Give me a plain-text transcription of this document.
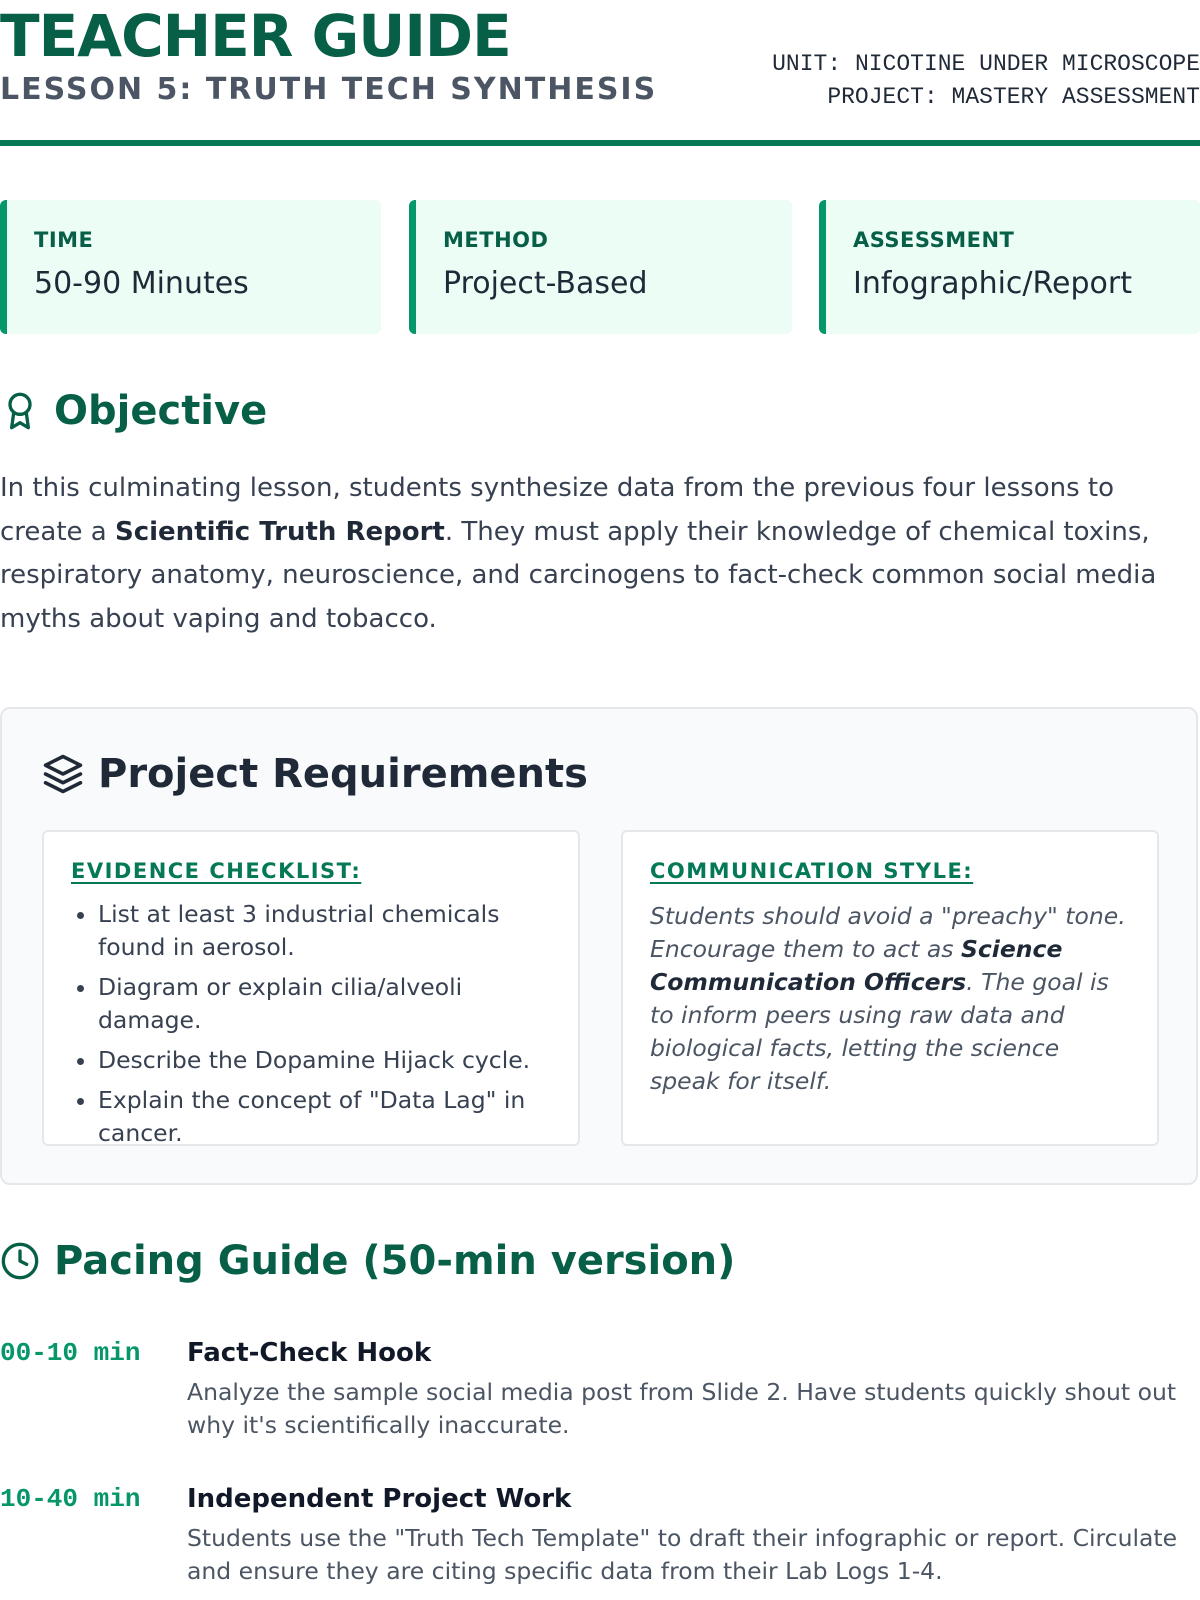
TEACHER GUIDE
LESSON 5: TRUTH TECH SYNTHESIS
UNIT: NICOTINE UNDER MICROSCOPE
PROJECT: MASTERY ASSESSMENT
TIME
50-90 Minutes
METHOD
Project-Based
ASSESSMENT
Infographic/Report
Objective
In this culminating lesson, students synthesize data from the previous four lessons to create a Scientific Truth Report. They must apply their knowledge of chemical toxins, respiratory anatomy, neuroscience, and carcinogens to fact-check common social media myths about vaping and tobacco.
Project Requirements
EVIDENCE CHECKLIST:
• List at least 3 industrial chemicals found in aerosol.
• Diagram or explain cilia/alveoli damage.
• Describe the Dopamine Hijack cycle.
• Explain the concept of "Data Lag" in cancer.
COMMUNICATION STYLE:
Students should avoid a "preachy" tone. Encourage them to act as Science Communication Officers. The goal is to inform peers using raw data and biological facts, letting the science speak for itself.
Pacing Guide (50-min version)
00-10 min Fact-Check Hook
Analyze the sample social media post from Slide 2. Have students quickly shout out why it's scientifically inaccurate.
10-40 min Independent Project Work
Students use the "Truth Tech Template" to draft their infographic or report. Circulate and ensure they are citing specific data from their Lab Logs 1-4.
